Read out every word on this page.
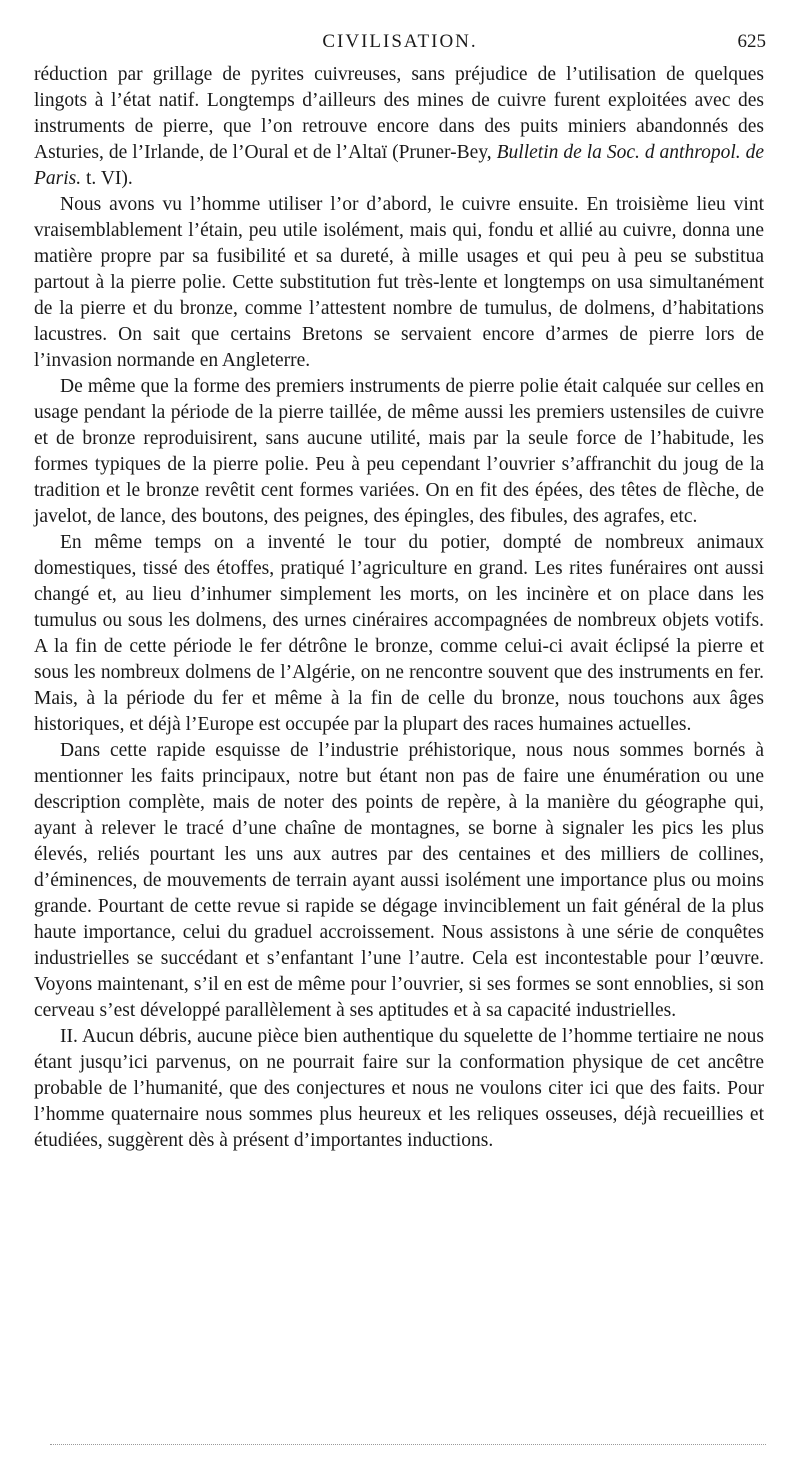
CIVILISATION.	625

réduction par grillage de pyrites cuivreuses, sans préjudice de l’utilisation de quelques lingots à l’état natif. Longtemps d’ailleurs des mines de cuivre furent exploitées avec des instruments de pierre, que l’on retrouve encore dans des puits miniers abandonnés des Asturies, de l’Irlande, de l’Oural et de l’Altaï (Pruner-Bey, Bulletin de la Soc. d anthropol. de Paris. t. VI).

Nous avons vu l’homme utiliser l’or d’abord, le cuivre ensuite. En troisième lieu vint vraisemblablement l’étain, peu utile isolément, mais qui, fondu et allié au cuivre, donna une matière propre par sa fusibilité et sa dureté, à mille usages et qui peu à peu se substitua partout à la pierre polie. Cette substitution fut très-lente et longtemps on usa simultanément de la pierre et du bronze, comme l’attestent nombre de tumulus, de dolmens, d’habitations lacustres. On sait que certains Bretons se servaient encore d’armes de pierre lors de l’invasion normande en Angleterre.

De même que la forme des premiers instruments de pierre polie était calquée sur celles en usage pendant la période de la pierre taillée, de même aussi les premiers ustensiles de cuivre et de bronze reproduisirent, sans aucune utilité, mais par la seule force de l’habitude, les formes typiques de la pierre polie. Peu à peu cependant l’ouvrier s’affranchit du joug de la tradition et le bronze revêtit cent formes variées. On en fit des épées, des têtes de flèche, de javelot, de lance, des boutons, des peignes, des épingles, des fibules, des agrafes, etc.

En même temps on a inventé le tour du potier, dompté de nombreux animaux domestiques, tissé des étoffes, pratiqué l’agriculture en grand. Les rites funéraires ont aussi changé et, au lieu d’inhumer simplement les morts, on les incinère et on place dans les tumulus ou sous les dolmens, des urnes cinéraires accompagnées de nombreux objets votifs. A la fin de cette période le fer détrône le bronze, comme celui-ci avait éclipsé la pierre et sous les nombreux dolmens de l’Algérie, on ne rencontre souvent que des instruments en fer. Mais, à la période du fer et même à la fin de celle du bronze, nous touchons aux âges historiques, et déjà l’Europe est occupée par la plupart des races humaines actuelles.

Dans cette rapide esquisse de l’industrie préhistorique, nous nous sommes bornés à mentionner les faits principaux, notre but étant non pas de faire une énumération ou une description complète, mais de noter des points de repère, à la manière du géographe qui, ayant à relever le tracé d’une chaîne de montagnes, se borne à signaler les pics les plus élevés, reliés pourtant les uns aux autres par des centaines et des milliers de collines, d’éminences, de mouvements de terrain ayant aussi isolément une importance plus ou moins grande. Pourtant de cette revue si rapide se dégage invinciblement un fait général de la plus haute importance, celui du graduel accroissement. Nous assistons à une série de conquêtes industrielles se succédant et s’enfantant l’une l’autre. Cela est incontestable pour l’œuvre. Voyons maintenant, s’il en est de même pour l’ouvrier, si ses formes se sont ennoblies, si son cerveau s’est développé parallèlement à ses aptitudes et à sa capacité industrielles.

II. Aucun débris, aucune pièce bien authentique du squelette de l’homme tertiaire ne nous étant jusqu’ici parvenus, on ne pourrait faire sur la conformation physique de cet ancêtre probable de l’humanité, que des conjectures et nous ne voulons citer ici que des faits. Pour l’homme quaternaire nous sommes plus heureux et les reliques osseuses, déjà recueillies et étudiées, suggèrent dès à présent d’importantes inductions.
